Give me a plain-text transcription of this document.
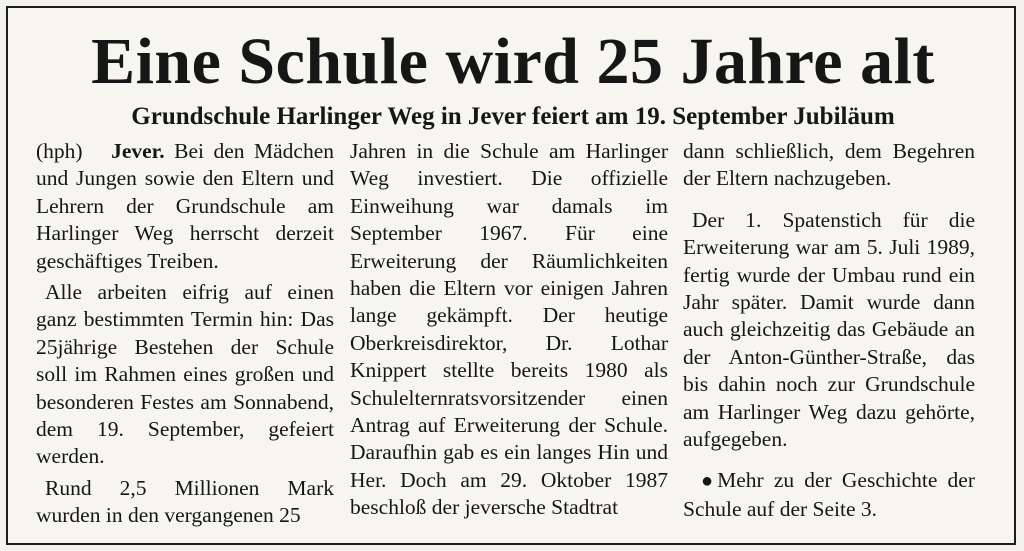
Eine Schule wird 25 Jahre alt
Grundschule Harlinger Weg in Jever feiert am 19. September Jubiläum

(hph) Jever. Bei den Mädchen und Jungen sowie den Eltern und Lehrern der Grundschule am Harlinger Weg herrscht derzeit geschäftiges Treiben.

Alle arbeiten eifrig auf einen ganz bestimmten Termin hin: Das 25jährige Bestehen der Schule soll im Rahmen eines großen und besonderen Festes am Sonnabend, dem 19. September, gefeiert werden.

Rund 2,5 Millionen Mark wurden in den vergangenen 25

Jahren in die Schule am Harlinger Weg investiert. Die offizielle Einweihung war damals im September 1967. Für eine Erweiterung der Räumlichkeiten haben die Eltern vor einigen Jahren lange gekämpft. Der heutige Oberkreisdirektor, Dr. Lothar Knippert stellte bereits 1980 als Schulelternratsvorsitzender einen Antrag auf Erweiterung der Schule. Daraufhin gab es ein langes Hin und Her. Doch am 29. Oktober 1987 beschloß der jeversche Stadtrat

dann schließlich, dem Begehren der Eltern nachzugeben.

Der 1. Spatenstich für die Erweiterung war am 5. Juli 1989, fertig wurde der Umbau rund ein Jahr später. Damit wurde dann auch gleichzeitig das Gebäude an der Anton-Günther-Straße, das bis dahin noch zur Grundschule am Harlinger Weg dazu gehörte, aufgegeben.

● Mehr zu der Geschichte der Schule auf der Seite 3.
